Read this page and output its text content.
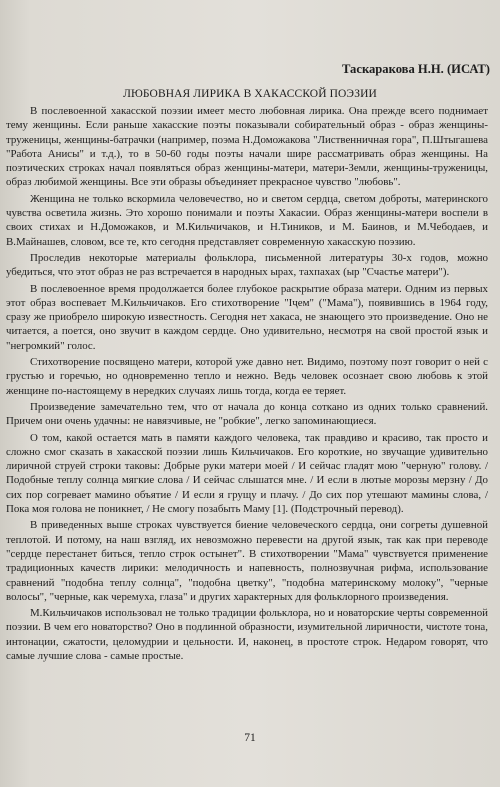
Таскаракова Н.Н. (ИСАТ)
ЛЮБОВНАЯ ЛИРИКА В ХАКАССКОЙ ПОЭЗИИ

В послевоенной хакасской поэзии имеет место любовная лирика. Она прежде всего поднимает тему женщины. Если раньше хакасские поэты показывали собирательный образ - образ женщины-труженицы, женщины-батрачки (например, поэма Н.Доможакова "Лиственничная гора", П.Штыгашева "Работа Анисы" и т.д.), то в 50-60 годы поэты начали шире рассматривать образ женщины. На поэтических строках начал появляться образ женщины-матери, матери-Земли, женщины-труженицы, образ любимой женщины. Все эти образы объединяет прекрасное чувство "любовь".

Женщина не только вскормила человечество, но и светом сердца, светом доброты, материнского чувства осветила жизнь. Это хорошо понимали и поэты Хакасии. Образ женщины-матери воспели в своих стихах и Н.Доможаков, и М.Кильчичаков, и Н.Тиников, и М. Баинов, и М.Чебодаев, и В.Майнашев, словом, все те, кто сегодня представляет современную хакасскую поэзию.

Проследив некоторые материалы фольклора, письменной литературы 30-х годов, можно убедиться, что этот образ не раз встречается в народных ырах, тахпахах (ыр "Счастье матери").

В послевоенное время продолжается более глубокое раскрытие образа матери. Одним из первых этот образ воспевает М.Кильчичаков. Его стихотворение "Іҷем" ("Мама"), появившись в 1964 году, сразу же приобрело широкую известность. Сегодня нет хакаса, не знающего это произведение. Оно не читается, а поется, оно звучит в каждом сердце. Оно удивительно, несмотря на свой простой язык и "негромкий" голос.

Стихотворение посвящено матери, которой уже давно нет. Видимо, поэтому поэт говорит о ней с грустью и горечью, но одновременно тепло и нежно. Ведь человек осознает свою любовь к этой женщине по-настоящему в нередких случаях лишь тогда, когда ее теряет.

Произведение замечательно тем, что от начала до конца соткано из одних только сравнений. Причем они очень удачны: не навязчивые, не "робкие", легко запоминающиеся.

О том, какой остается мать в памяти каждого человека, так правдиво и красиво, так просто и сложно смог сказать в хакасской поэзии лишь Кильчичаков. Его короткие, но звучащие удивительно лиричной струей строки таковы: Добрые руки матери моей / И сейчас гладят мою "черную" голову. / Подобные теплу солнца мягкие слова / И сейчас слышатся мне. / И если в лютые морозы мерзну / До сих пор согревает мамино объятие / И если я грущу и плачу. / До сих пор утешают мамины слова, / Пока моя голова не поникнет, / Не смогу позабыть Маму [1]. (Подстрочный перевод).

В приведенных выше строках чувствуется биение человеческого сердца, они согреты душевной теплотой. И потому, на наш взгляд, их невозможно перевести на другой язык, так как при переводе "сердце перестанет биться, тепло строк остынет". В стихотворении "Мама" чувствуется применение традиционных качеств лирики: мелодичность и напевность, полнозвучная рифма, использование сравнений "подобна теплу солнца", "подобна цветку", "подобна материнскому молоку", "черные волосы", "черные, как черемуха, глаза" и других характерных для фольклорного произведения.

М.Кильчичаков использовал не только традиции фольклора, но и новаторские черты современной поэзии. В чем его новаторство? Оно в подлинной образности, изумительной лиричности, чистоте тона, интонации, сжатости, целомудрии и цельности. И, наконец, в простоте строк. Недаром говорят, что самые лучшие слова - самые простые.

71
